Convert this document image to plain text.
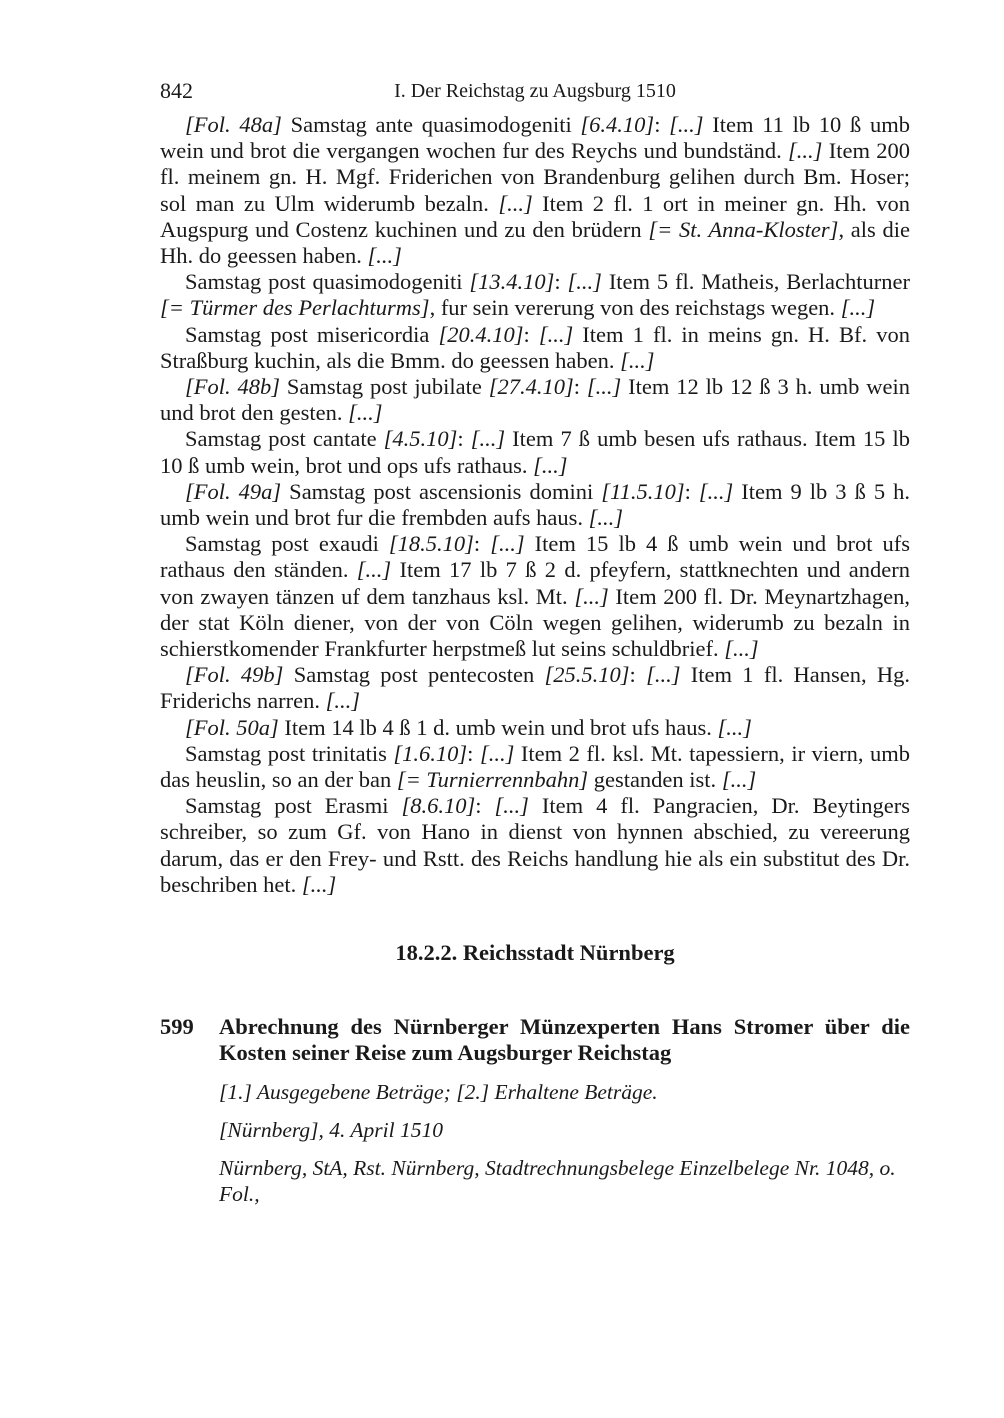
842	I. Der Reichstag zu Augsburg 1510

[Fol. 48a] Samstag ante quasimodogeniti [6.4.10]: [...] Item 11 lb 10 ß umb wein und brot die vergangen wochen fur des Reychs und bundständ. [...] Item 200 fl. meinem gn. H. Mgf. Friderichen von Brandenburg gelihen durch Bm. Hoser; sol man zu Ulm widerumb bezaln. [...] Item 2 fl. 1 ort in meiner gn. Hh. von Augspurg und Costenz kuchinen und zu den brüdern [= St. Anna-Kloster], als die Hh. do geessen haben. [...]

Samstag post quasimodogeniti [13.4.10]: [...] Item 5 fl. Matheis, Berlachturner [= Türmer des Perlachturms], fur sein vererung von des reichstags wegen. [...]

Samstag post misericordia [20.4.10]: [...] Item 1 fl. in meins gn. H. Bf. von Straßburg kuchin, als die Bmm. do geessen haben. [...]

[Fol. 48b] Samstag post jubilate [27.4.10]: [...] Item 12 lb 12 ß 3 h. umb wein und brot den gesten. [...]

Samstag post cantate [4.5.10]: [...] Item 7 ß umb besen ufs rathaus. Item 15 lb 10 ß umb wein, brot und ops ufs rathaus. [...]

[Fol. 49a] Samstag post ascensionis domini [11.5.10]: [...] Item 9 lb 3 ß 5 h. umb wein und brot fur die frembden aufs haus. [...]

Samstag post exaudi [18.5.10]: [...] Item 15 lb 4 ß umb wein und brot ufs rathaus den ständen. [...] Item 17 lb 7 ß 2 d. pfeyfern, stattknechten und andern von zwayen tänzen uf dem tanzhaus ksl. Mt. [...] Item 200 fl. Dr. Meynartzhagen, der stat Köln diener, von der von Cöln wegen gelihen, widerumb zu bezaln in schierstkomender Frankfurter herpstmeß lut seins schuldbrief. [...]

[Fol. 49b] Samstag post pentecosten [25.5.10]: [...] Item 1 fl. Hansen, Hg. Friderichs narren. [...]

[Fol. 50a] Item 14 lb 4 ß 1 d. umb wein und brot ufs haus. [...]

Samstag post trinitatis [1.6.10]: [...] Item 2 fl. ksl. Mt. tapessiern, ir viern, umb das heuslin, so an der ban [= Turnierrennbahn] gestanden ist. [...]

Samstag post Erasmi [8.6.10]: [...] Item 4 fl. Pangracien, Dr. Beytingers schreiber, so zum Gf. von Hano in dienst von hynnen abschied, zu vereerung darum, das er den Frey- und Rstt. des Reichs handlung hie als ein substitut des Dr. beschriben het. [...]

18.2.2. Reichsstadt Nürnberg
599 Abrechnung des Nürnberger Münzexperten Hans Stromer über die Kosten seiner Reise zum Augsburger Reichstag
[1.] Ausgegebene Beträge; [2.] Erhaltene Beträge.
[Nürnberg], 4. April 1510
Nürnberg, StA, Rst. Nürnberg, Stadtrechnungsbelege Einzelbelege Nr. 1048, o. Fol.,
